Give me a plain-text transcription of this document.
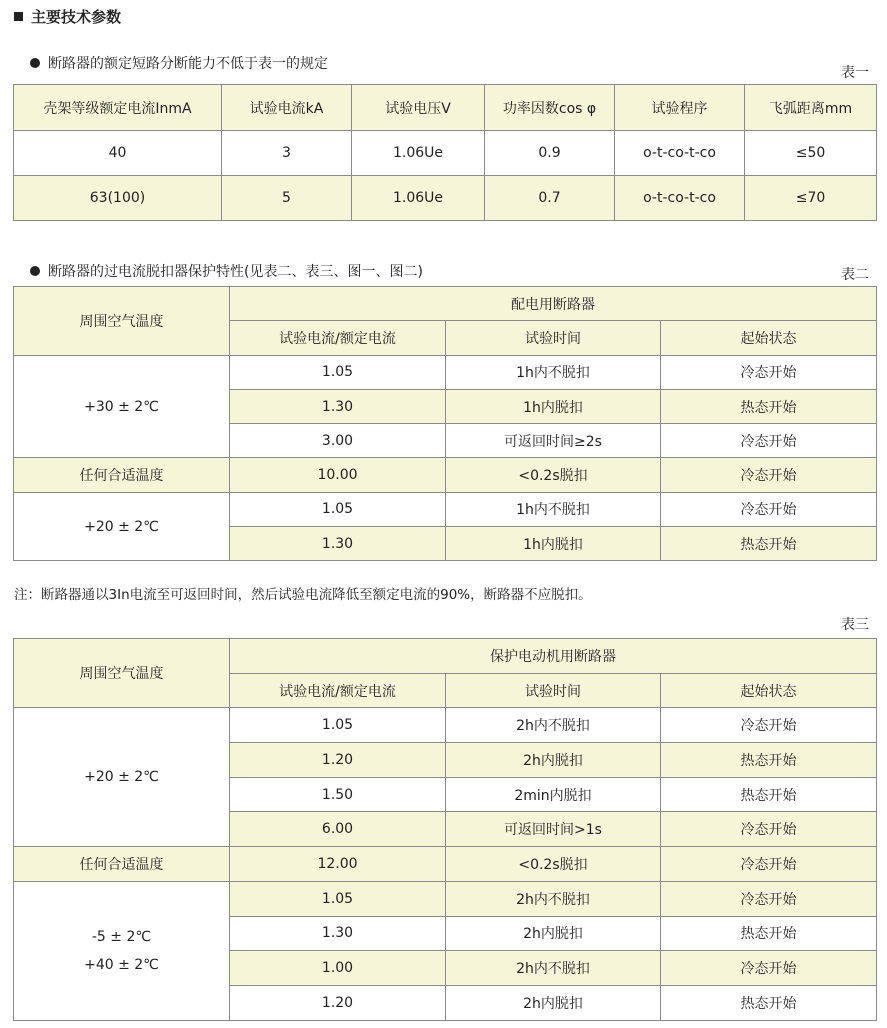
主要技术参数
断路器的额定短路分断能力不低于表一的规定
表一
壳架等级额定电流InmA	试验电流kA	试验电压V	功率因数cos φ	试验程序	飞弧距离mm
40	3	1.06Ue	0.9	o-t-co-t-co	≤50
63(100)	5	1.06Ue	0.7	o-t-co-t-co	≤70
断路器的过电流脱扣器保护特性(见表二、表三、图一、图二)	表二
周围空气温度	配电用断路器		
	试验电流/额定电流	试验时间	起始状态
+30 ± 2℃	1.05	1h内不脱扣	冷态开始
	1.30	1h内脱扣	热态开始
	3.00	可返回时间≥2s	冷态开始
任何合适温度	10.00	<0.2s脱扣	冷态开始
+20 ± 2℃	1.05	1h内不脱扣	冷态开始
	1.30	1h内脱扣	热态开始
注：断路器通以3In电流至可返回时间，然后试验电流降低至额定电流的90%，断路器不应脱扣。
表三
周围空气温度	保护电动机用断路器		
	试验电流/额定电流	试验时间	起始状态
+20 ± 2℃	1.05	2h内不脱扣	冷态开始
	1.20	2h内脱扣	热态开始
	1.50	2min内脱扣	热态开始
	6.00	可返回时间>1s	冷态开始
任何合适温度	12.00	<0.2s脱扣	冷态开始

-5 ± 2℃
+40 ± 2℃	1.05	2h内不脱扣	冷态开始
	1.30	2h内脱扣	热态开始
	1.00	2h内不脱扣	冷态开始
	1.20	2h内脱扣	热态开始
